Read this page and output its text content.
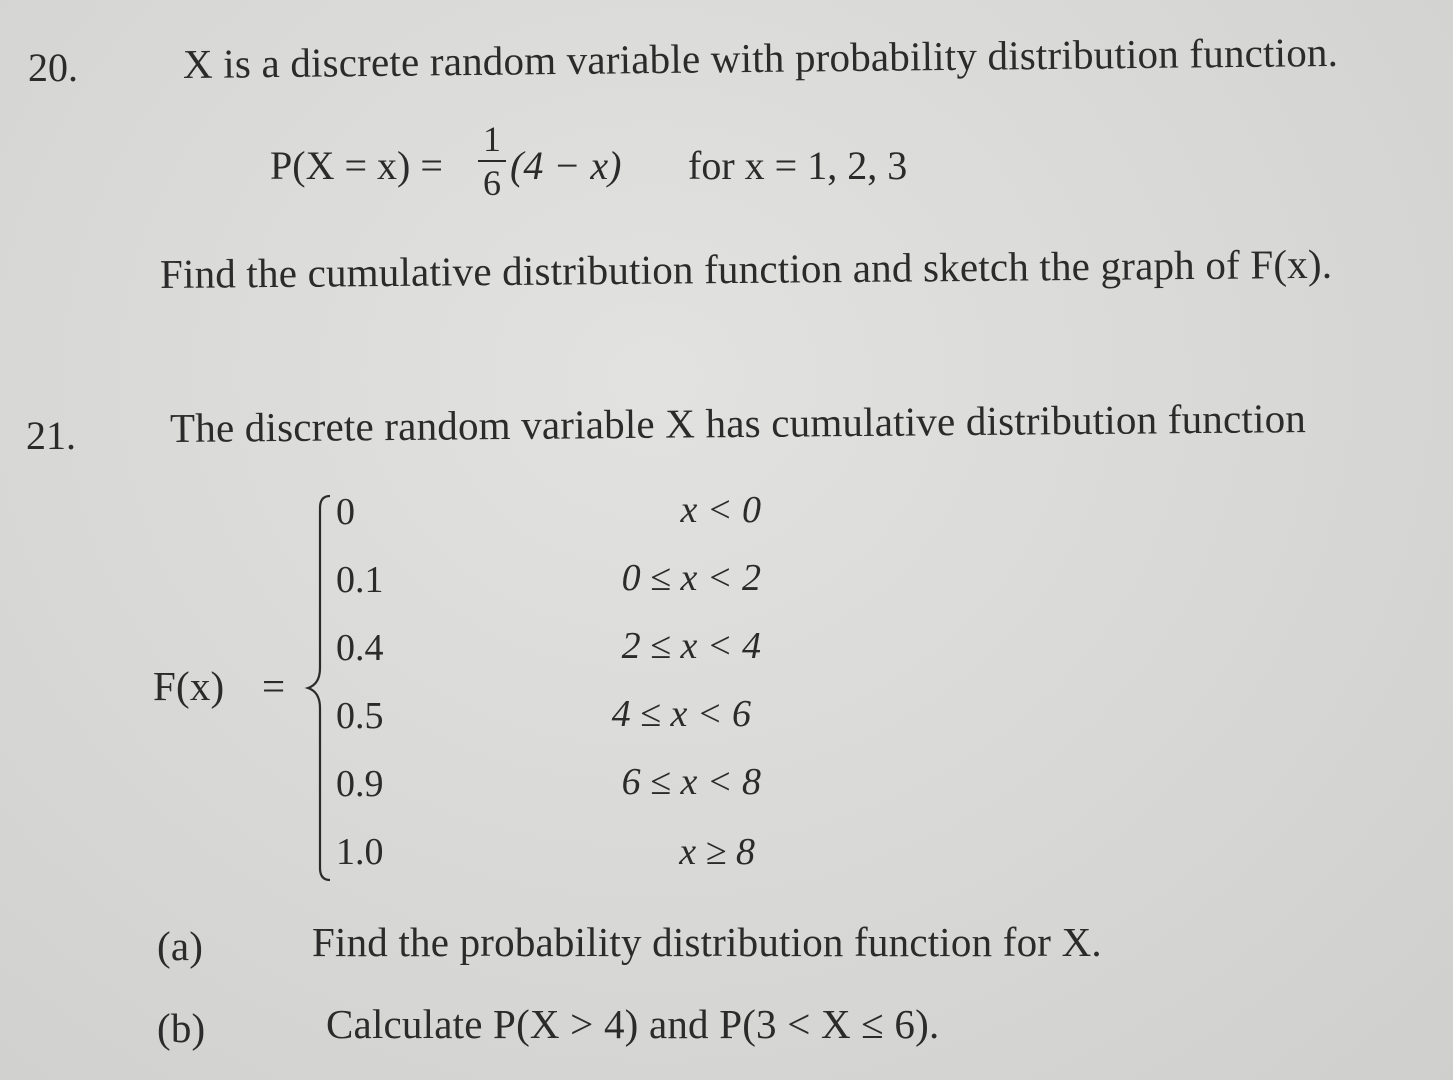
20.	X is a discrete random variable with probability distribution function.
P(X = x) =
1
6 (4 − x) for x = 1, 2, 3
Find the cumulative distribution function and sketch the graph of F(x).
21. The discrete random variable X has cumulative distribution function
F(x) =
0	x < 0
0.1	0 ≤ x < 2
0.4	2 ≤ x < 4
0.5	4 ≤ x < 6
0.9	6 ≤ x < 8
1.0	x ≥ 8
(a)	Find the probability distribution function for X.
(b)	Calculate P(X > 4) and P(3 < X ≤ 6).
